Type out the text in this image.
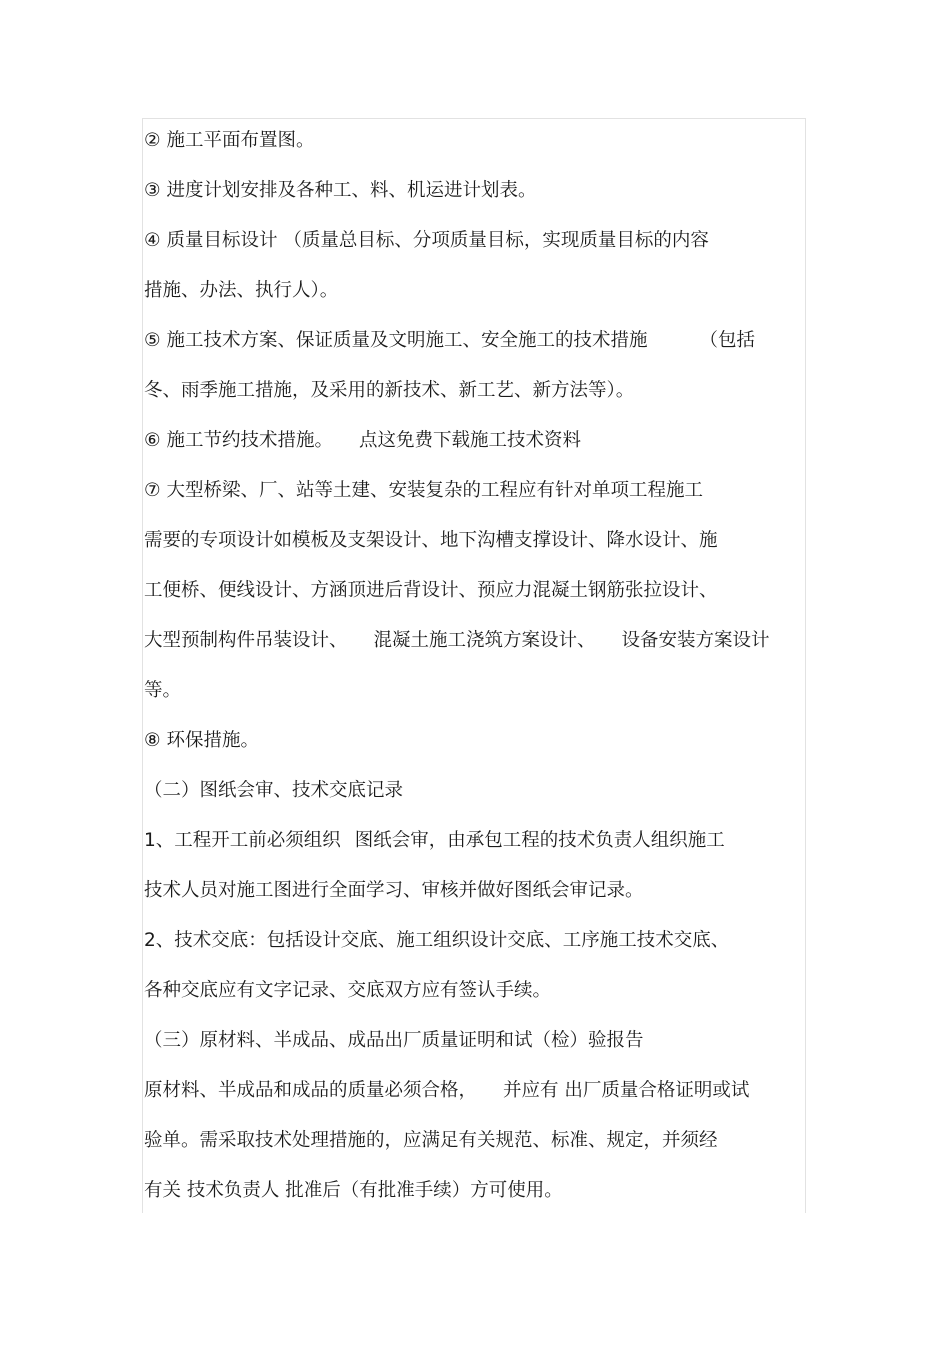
② 施工平面布置图。
③ 进度计划安排及各种工、料、机运进计划表。
④ 质量目标设计 （质量总目标、分项质量目标，实现质量目标的内容
措施、办法、执行人）。
⑤ 施工技术方案、保证质量及文明施工、安全施工的技术措施	（包括
冬、雨季施工措施，及采用的新技术、新工艺、新方法等）。
⑥ 施工节约技术措施。 点这免费下载施工技术资料
⑦ 大型桥梁、厂、站等土建、安装复杂的工程应有针对单项工程施工
需要的专项设计如模板及支架设计、地下沟槽支撑设计、降水设计、施
工便桥、便线设计、方涵顶进后背设计、预应力混凝土钢筋张拉设计、
大型预制构件吊装设计、 混凝土施工浇筑方案设计、 设备安装方案设计
等。
⑧ 环保措施。
（二）图纸会审、技术交底记录
1、工程开工前必须组织 图纸会审，由承包工程的技术负责人组织施工
技术人员对施工图进行全面学习、审核并做好图纸会审记录。
2、技术交底：包括设计交底、施工组织设计交底、工序施工技术交底、
各种交底应有文字记录、交底双方应有签认手续。
（三）原材料、半成品、成品出厂质量证明和试（检）验报告
原材料、半成品和成品的质量必须合格， 并应有 出厂质量合格证明或试
验单。需采取技术处理措施的，应满足有关规范、标准、规定，并须经
有关 技术负责人 批准后（有批准手续）方可使用。
